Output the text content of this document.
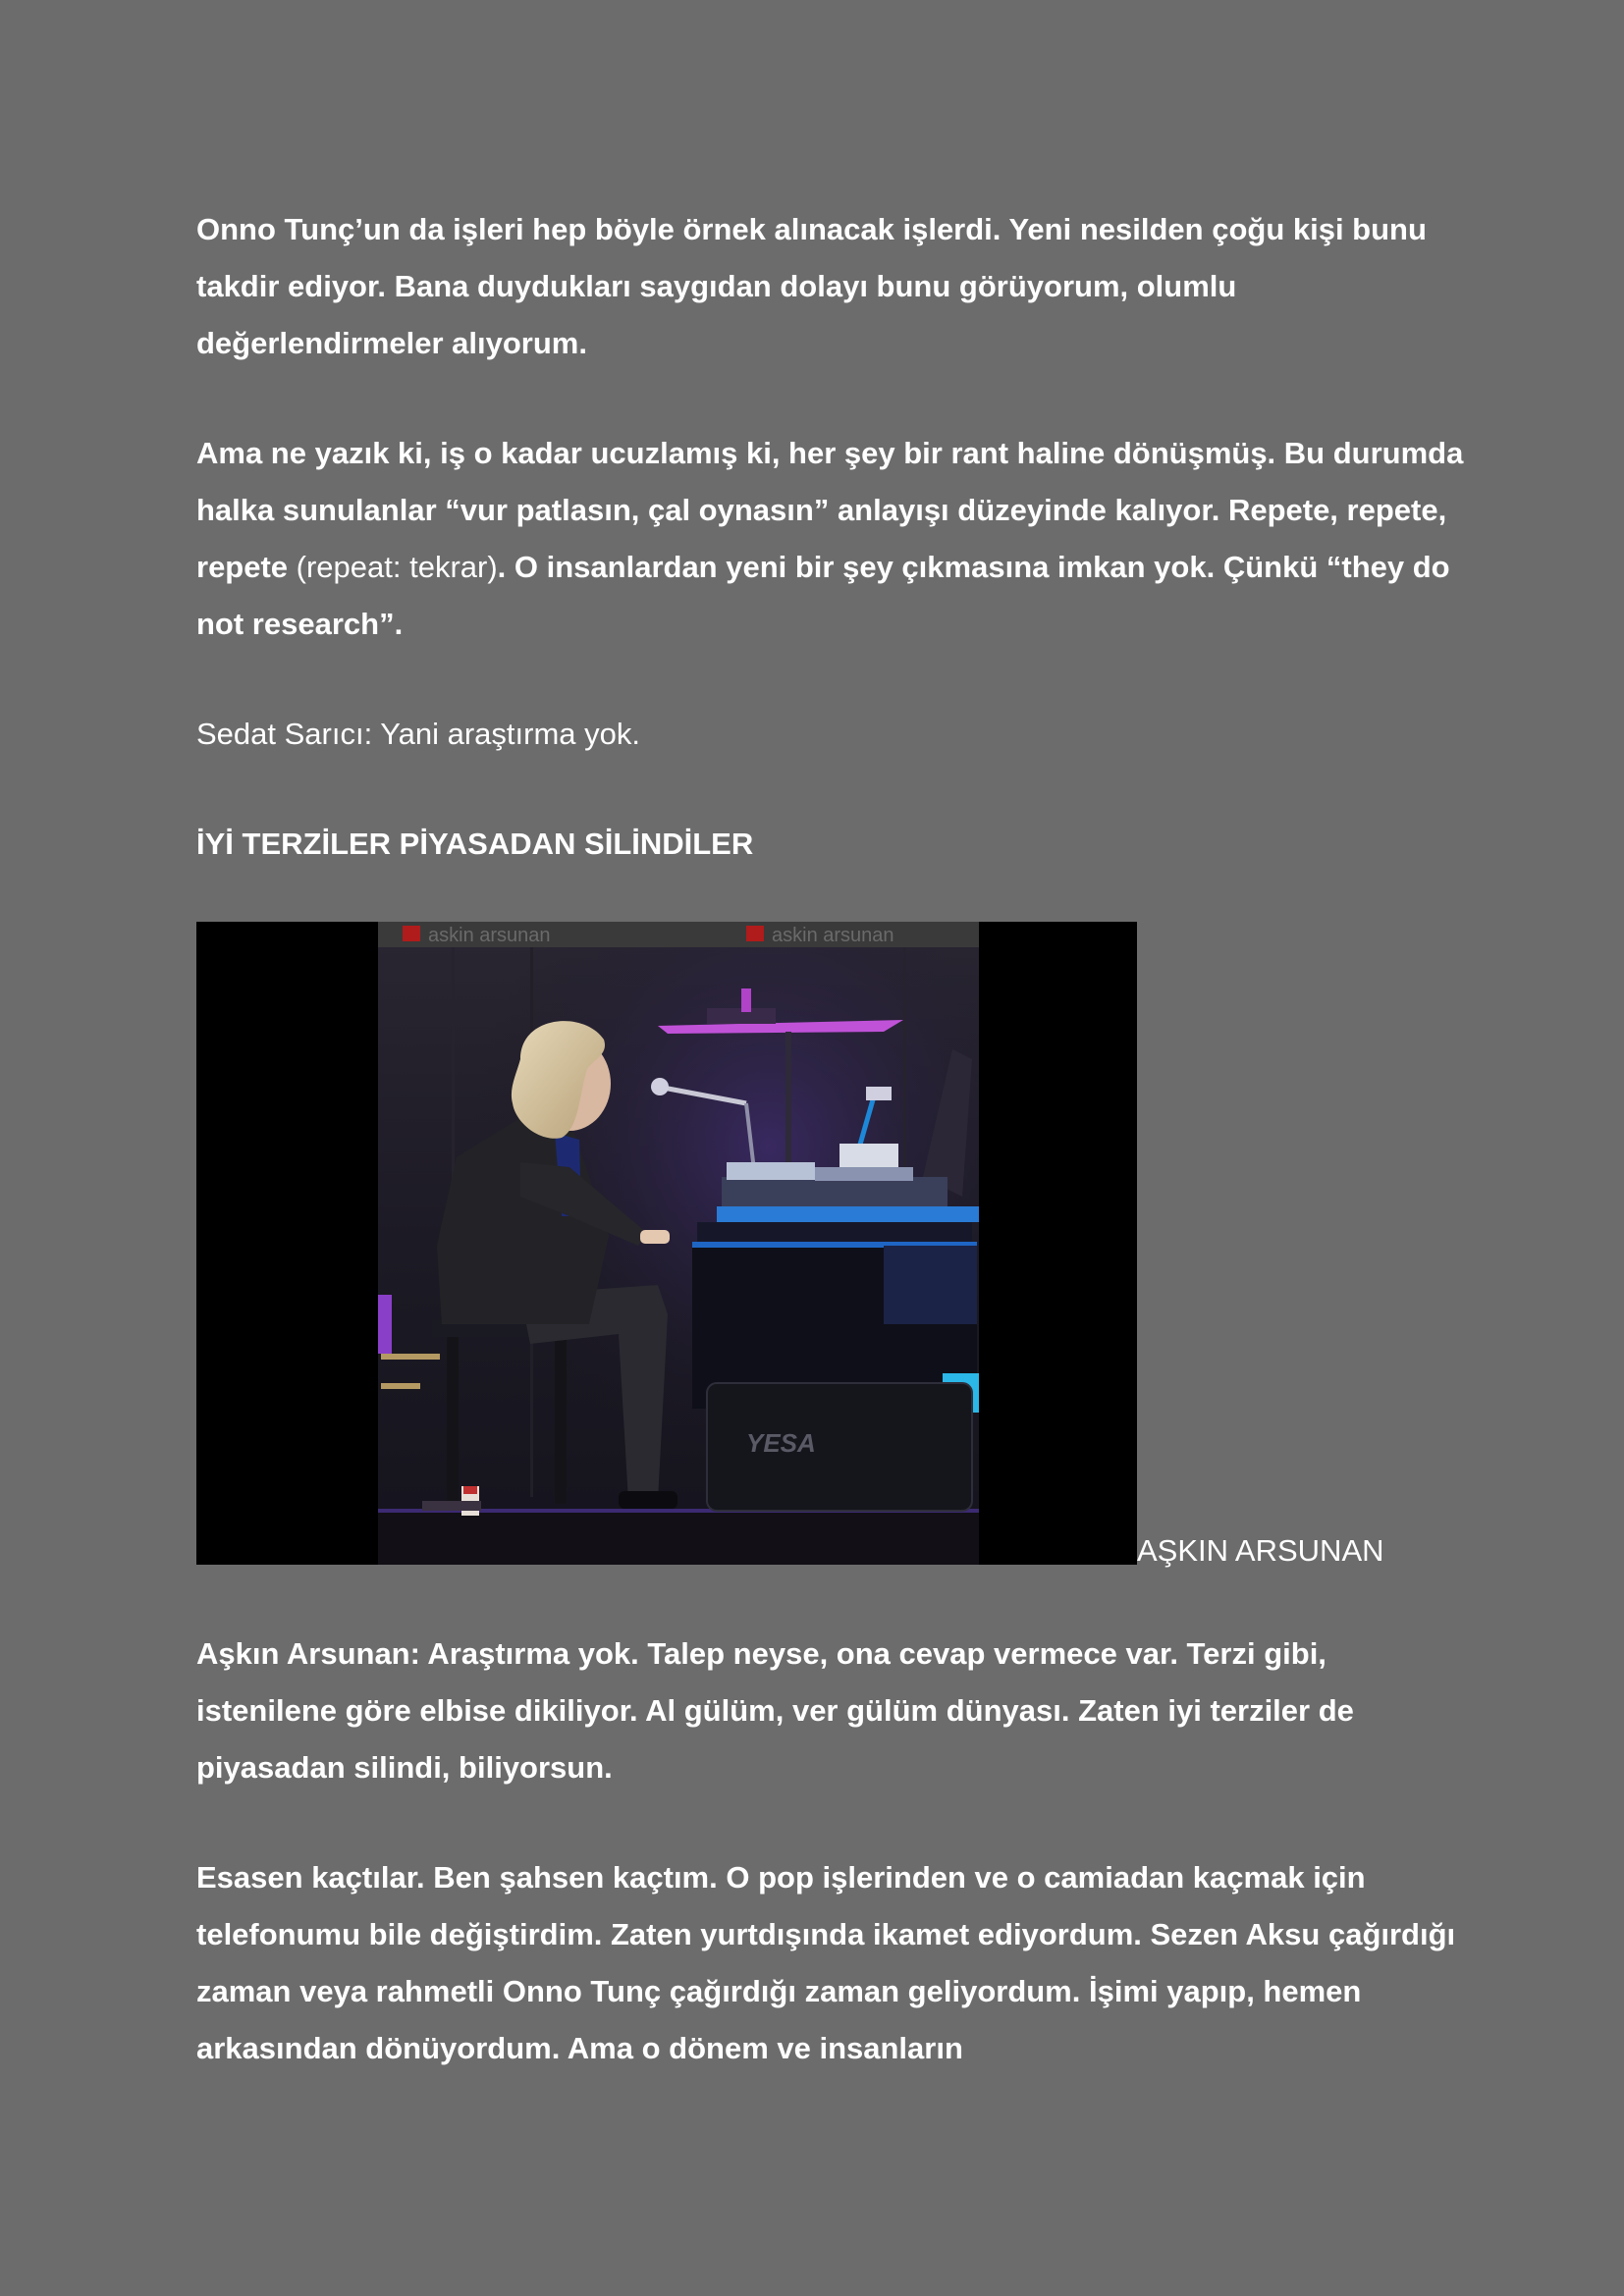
Onno Tunç’un da işleri hep böyle örnek alınacak işlerdi. Yeni nesilden çoğu kişi bunu takdir ediyor. Bana duydukları saygıdan dolayı bunu görüyorum, olumlu değerlendirmeler alıyorum.

Ama ne yazık ki, iş o kadar ucuzlamış ki, her şey bir rant haline dönüşmüş. Bu durumda halka sunulanlar “vur patlasın, çal oynasın” anlayışı düzeyinde kalıyor. Repete, repete, repete (repeat: tekrar). O insanlardan yeni bir şey çıkmasına imkan yok. Çünkü “they do not research”.

Sedat Sarıcı: Yani araştırma yok.

İYİ TERZİLER PİYASADAN SİLİNDİLER

askin arsunan	askin arsunan
YESA
AŞKIN ARSUNAN

Aşkın Arsunan: Araştırma yok. Talep neyse, ona cevap vermece var. Terzi gibi, istenilene göre elbise dikiliyor. Al gülüm, ver gülüm dünyası. Zaten iyi terziler de piyasadan silindi, biliyorsun.

Esasen kaçtılar. Ben şahsen kaçtım. O pop işlerinden ve o camiadan kaçmak için telefonumu bile değiştirdim. Zaten yurtdışında ikamet ediyordum. Sezen Aksu çağırdığı zaman veya rahmetli Onno Tunç çağırdığı zaman geliyordum. İşimi yapıp, hemen arkasından dönüyordum. Ama o dönem ve insanların
